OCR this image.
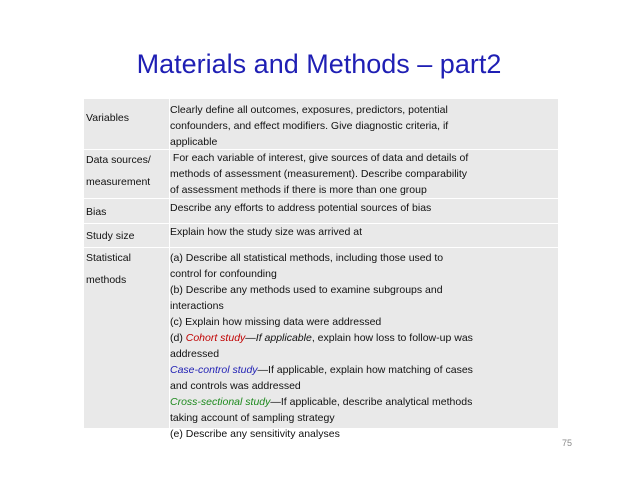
Materials and Methods – part2
Variables
Clearly define all outcomes, exposures, predictors, potential
confounders, and effect modifiers. Give diagnostic criteria, if
applicable
Data sources/
measurement
For each variable of interest, give sources of data and details of
methods of assessment (measurement). Describe comparability
of assessment methods if there is more than one group
Bias	Describe any efforts to address potential sources of bias
Study size	Explain how the study size was arrived at
Statistical
methods
(a) Describe all statistical methods, including those used to
control for confounding
(b) Describe any methods used to examine subgroups and
interactions
(c) Explain how missing data were addressed
(d) Cohort study—If applicable, explain how loss to follow-up was
addressed
Case-control study—If applicable, explain how matching of cases
and controls was addressed
Cross-sectional study—If applicable, describe analytical methods
taking account of sampling strategy
(e) Describe any sensitivity analyses
75
